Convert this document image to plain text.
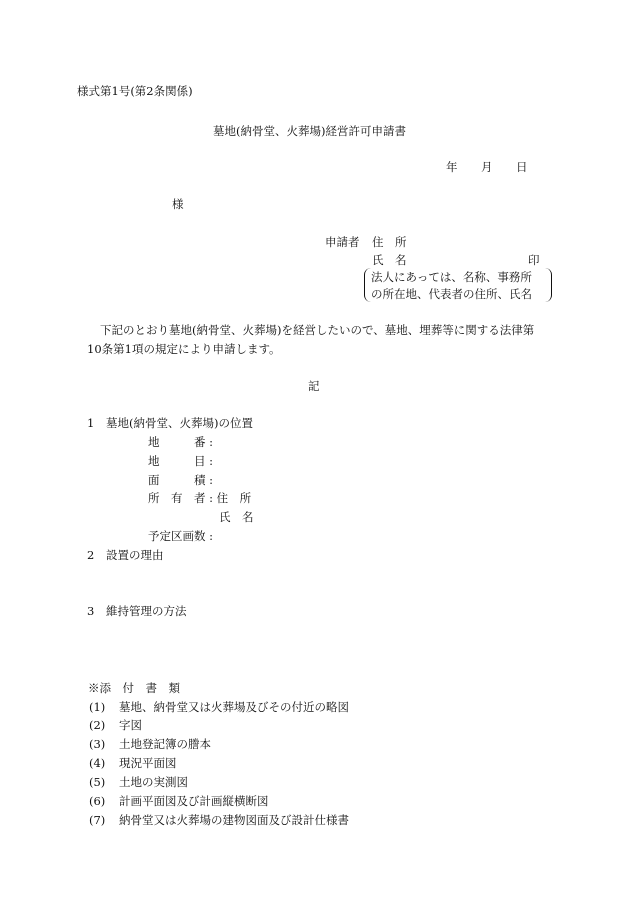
様式第1号(第2条関係)
墓地(納骨堂、火葬場)経営許可申請書
年 月 日
様
申請者 住　所
氏　名	印
法人にあっては、名称、事務所
の所在地、代表者の住所、氏名
下記のとおり墓地(納骨堂、火葬場)を経営したいので、墓地、埋葬等に関する法律第
10条第1項の規定により申請します。
記
1 墓地(納骨堂、火葬場)の位置
地　　　番 :
地　　　目 :
面　　　積 :
所　有　者 : 住　所
氏　名
予定区画数 :
2 設置の理由
3 維持管理の方法
※添　付　書　類
(1) 墓地、納骨堂又は火葬場及びその付近の略図
(2) 字図
(3) 土地登記簿の謄本
(4) 現況平面図
(5) 土地の実測図
(6) 計画平面図及び計画縦横断図
(7) 納骨堂又は火葬場の建物図面及び設計仕様書
